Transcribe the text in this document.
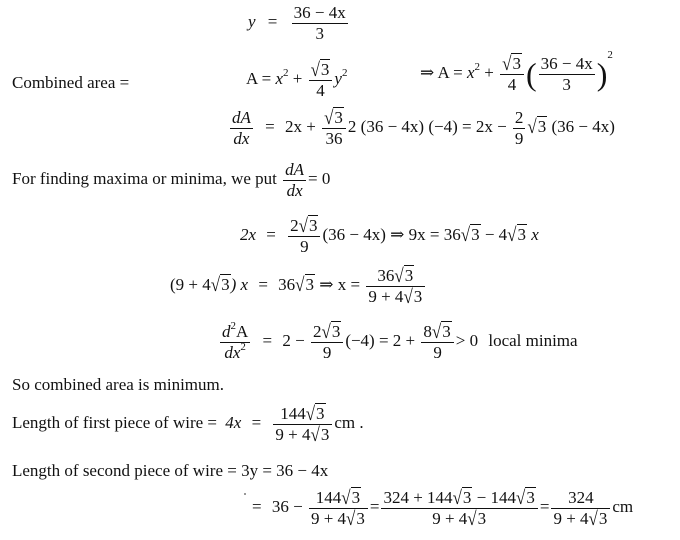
$y = \frac{36 - 4x}{3}$
Combined area =	$A = x^2 + \frac{√3}{4} y^2$	⇒ $A = x^2 + \frac{√3}{4}$ ( $\frac{36 - 4x}{3} )^2$
$\frac{dA}{dx} = 2x + \frac{√3}{36} 2$ (36 − 4x) $(-4) = 2x - \frac{2}{9} √3$ (36 − 4x)
For finding maxima or minima, we put $\frac{dA}{dx} = 0$
$2x = \frac{2√3}{9} (36 - 4x)$ ⇒ 9x = 36√3 − 4√3 x
(9 + 4√3) x = 36√3 ⇒ $x = \frac{36√3}{9 + 4√3}$
$\frac{d^2A}{dx^2} = 2 - \frac{2√3}{9} (-4) = 2 + \frac{8√3}{9} > 0$ local minima
So combined area is minimum.
Length of first piece of wire = $4x = \frac{144√3}{9 + 4√3}$ cm .
Length of second piece of wire = 3y = 36 − 4x
= $36 - \frac{144√3}{9 + 4√3} = \frac{324 + 144√3 - 144√3}{9 + 4√3} = \frac{324}{9 + 4√3}$ cm
